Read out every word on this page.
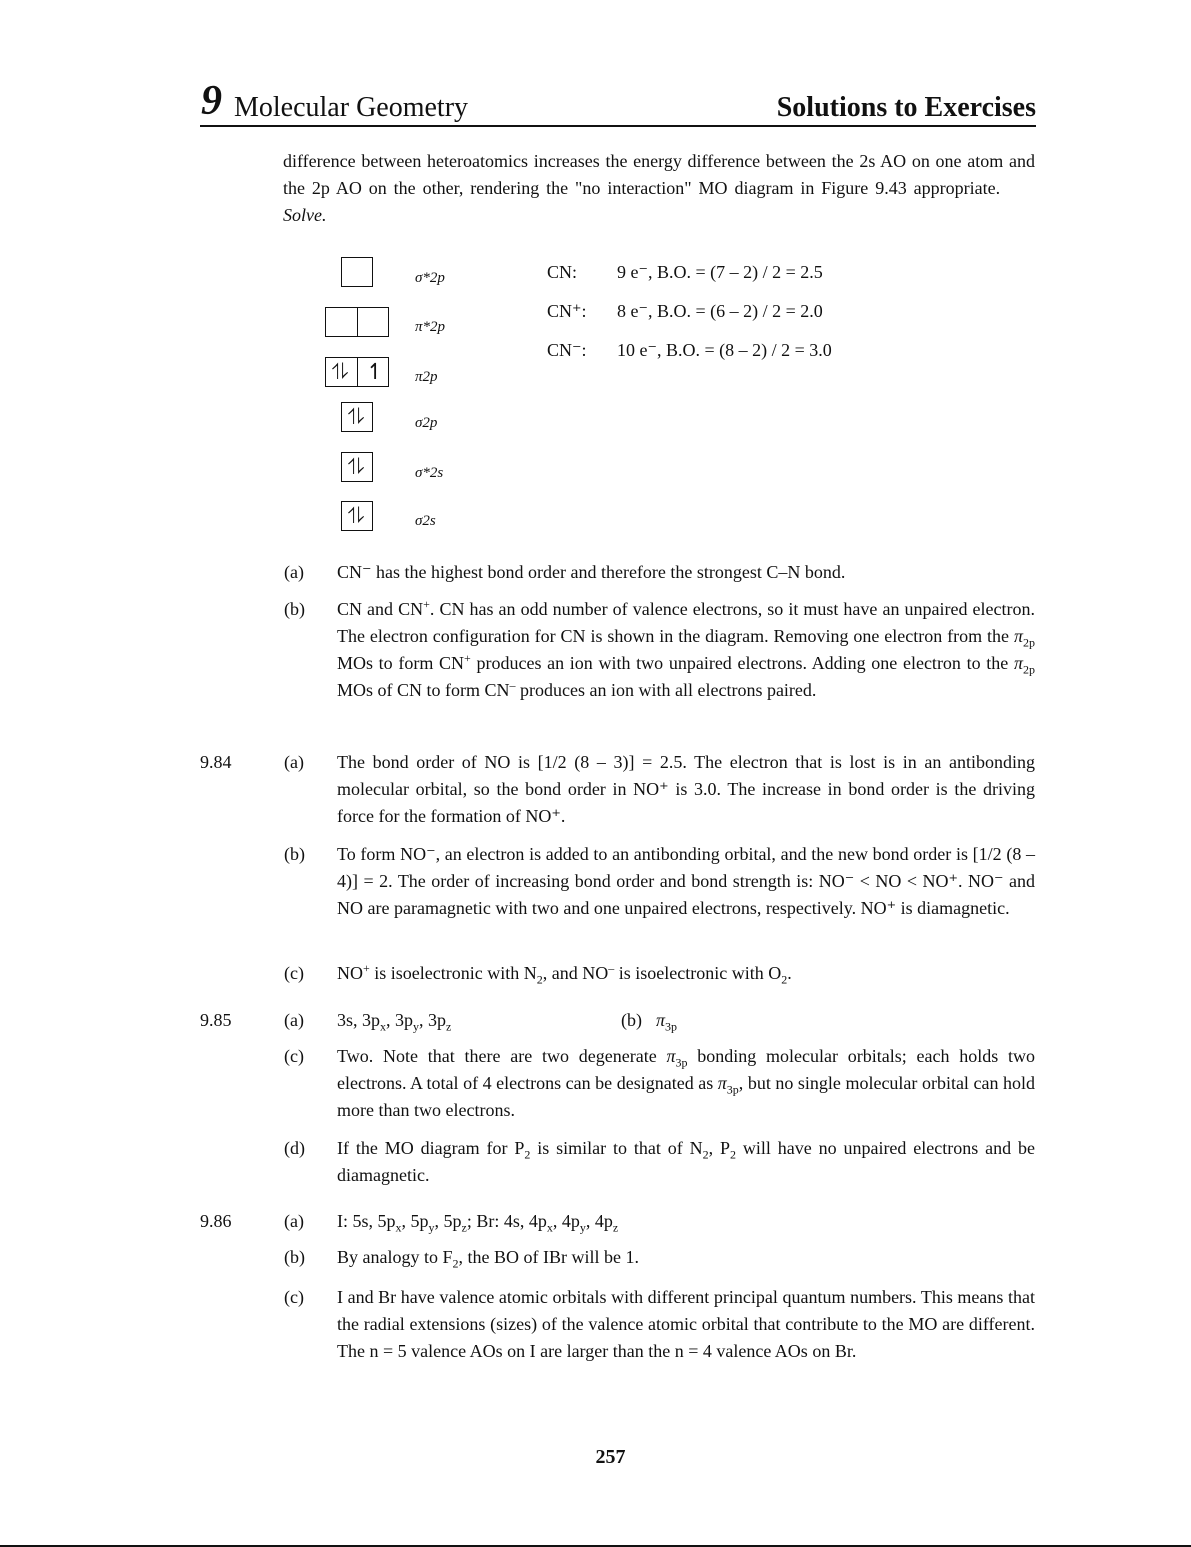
9 Molecular Geometry	Solutions to Exercises
difference between heteroatomics increases the energy difference between the 2s AO on one atom and the 2p AO on the other, rendering the "no interaction" MO diagram in Figure 9.43 appropriate. Solve.
σ*2p
π*2p
⥮ ↿ π2p
⥮	σ2p
⥮	σ*2s
⥮	σ2s
CN: 9 e⁻, B.O. = (7 – 2) / 2 = 2.5
CN⁺: 8 e⁻, B.O. = (6 – 2) / 2 = 2.0
CN⁻: 10 e⁻, B.O. = (8 – 2) / 2 = 3.0
(a) CN⁻ has the highest bond order and therefore the strongest C–N bond.
(b) CN and CN+. CN has an odd number of valence electrons, so it must have an unpaired electron. The electron configuration for CN is shown in the diagram. Removing one electron from the $\pi_{2p}$ MOs to form CN+ produces an ion with two unpaired electrons. Adding one electron to the $\pi_{2p}$ MOs of CN to form CN– produces an ion with all electrons paired.
9.84	(a) The bond order of NO is [1/2 (8 – 3)] = 2.5. The electron that is lost is in an antibonding molecular orbital, so the bond order in NO⁺ is 3.0. The increase in bond order is the driving force for the formation of NO⁺.
(b) To form NO⁻, an electron is added to an antibonding orbital, and the new bond order is [1/2 (8 – 4)] = 2. The order of increasing bond order and bond strength is: NO⁻ < NO < NO⁺. NO⁻ and NO are paramagnetic with two and one unpaired electrons, respectively. NO⁺ is diamagnetic.
(c) NO+ is isoelectronic with $N_2$, and NO– is isoelectronic with $O_2$.
9.85	(a) 3s, $3p_x$, $3p_y$, $3p_z$	(b) $\pi_{3p}$
(c) Two. Note that there are two degenerate $\pi_{3p}$ bonding molecular orbitals; each holds two electrons. A total of 4 electrons can be designated as $\pi_{3p}$, but no single molecular orbital can hold more than two electrons.
(d) If the MO diagram for $P_2$ is similar to that of $N_2$, $P_2$ will have no unpaired electrons and be diamagnetic.
9.86	(a) I: 5s, $5p_x$, $5p_y$, $5p_z$; Br: 4s, $4p_x$, $4p_y$, $4p_z$
(b) By analogy to $F_2$, the BO of IBr will be 1.
(c) I and Br have valence atomic orbitals with different principal quantum numbers. This means that the radial extensions (sizes) of the valence atomic orbital that contribute to the MO are different. The n = 5 valence AOs on I are larger than the n = 4 valence AOs on Br.
257
